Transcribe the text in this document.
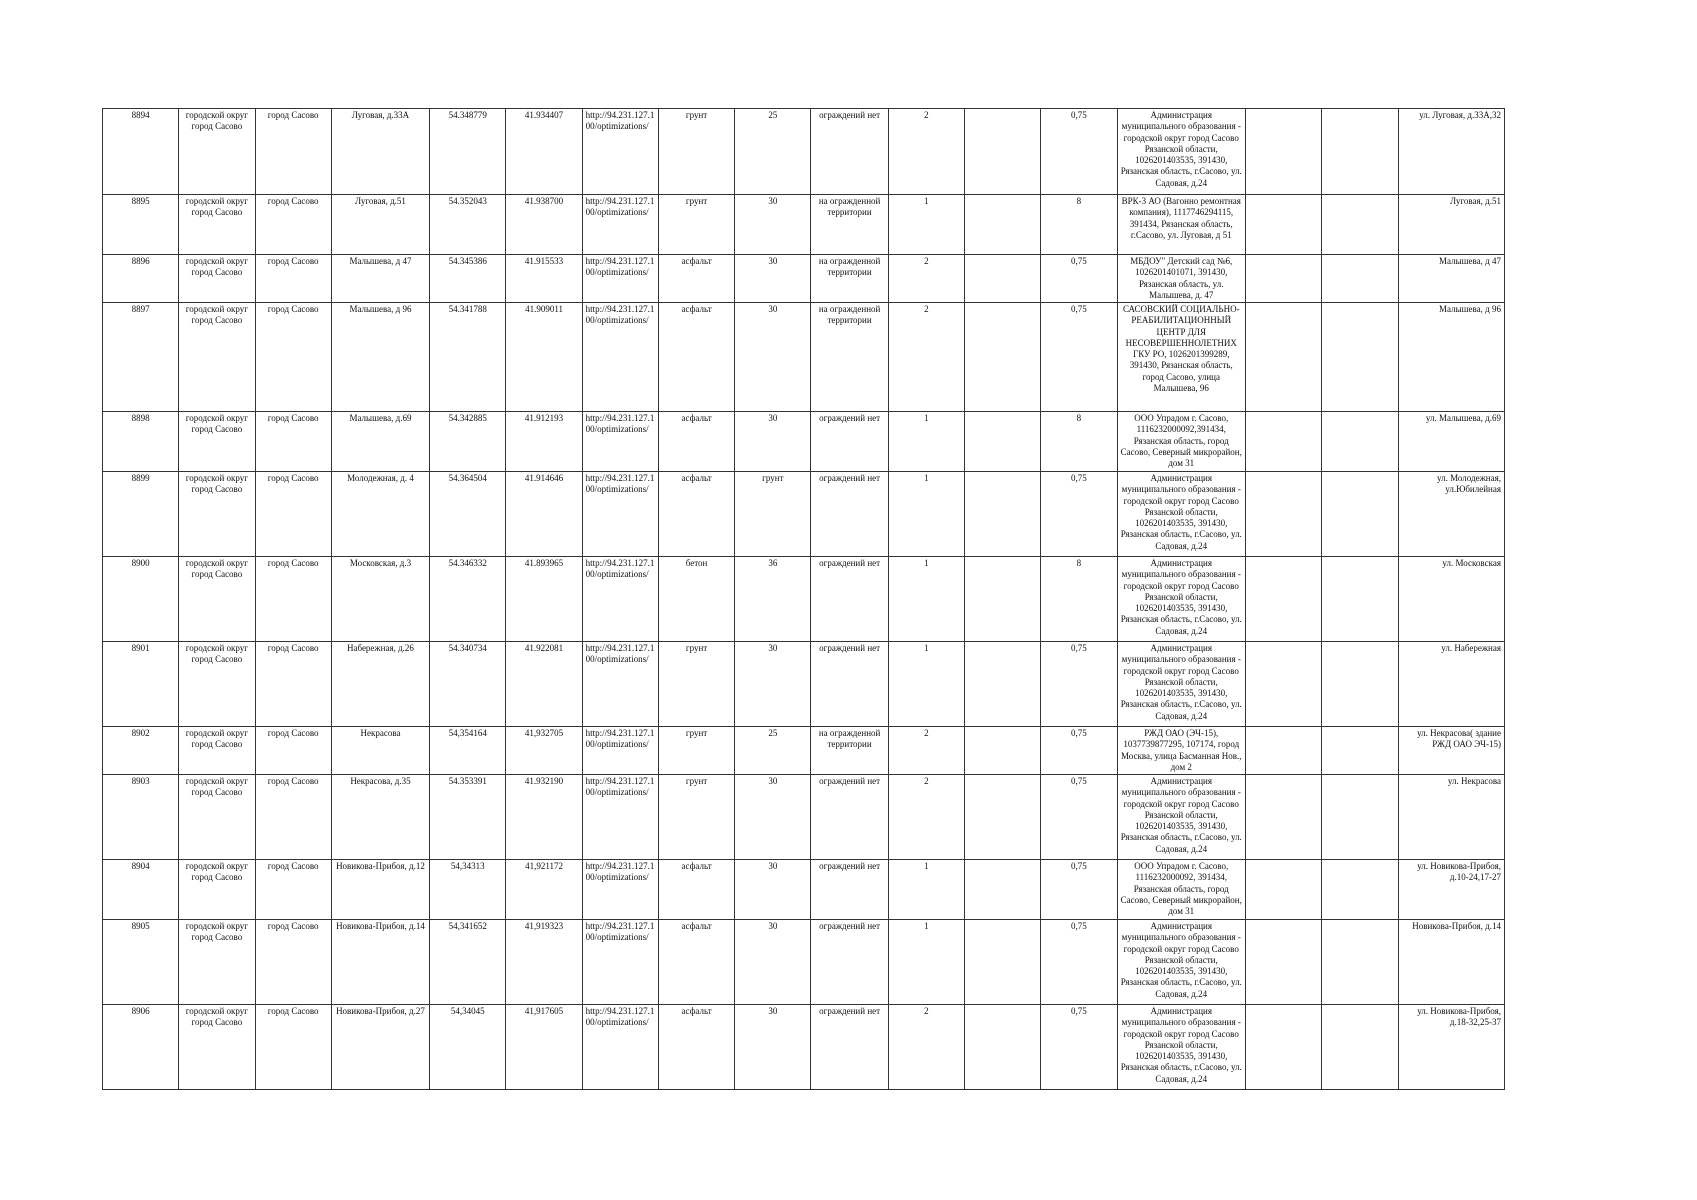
8894	городской округ город Сасово	город Сасово	Луговая, д.33А	54.348779	41.934407	http://94.231.127.100/optimizations/	грунт	25	ограждений нет	2		0,75	Администрация муниципального образования - городской округ город Сасово Рязанской области, 1026201403535, 391430, Рязанская область, г.Сасово, ул. Садовая, д.24			ул. Луговая, д.33А,32
8895	городской округ город Сасово	город Сасово	Луговая, д.51	54.352043	41.938700	http://94.231.127.100/optimizations/	грунт	30	на огражденной территории	1		8	ВРК-3 АО (Вагонно ремонтная компания), 1117746294115, 391434, Рязанская область, г.Сасово, ул. Луговая, д 51			Луговая, д.51
8896	городской округ город Сасово	город Сасово	Малышева, д 47	54.345386	41.915533	http://94.231.127.100/optimizations/	асфальт	30	на огражденной территории	2		0,75	МБДОУ" Детский сад №6, 1026201401071, 391430, Рязанская область, ул. Малышева, д. 47			Малышева, д 47
8897	городской округ город Сасово	город Сасово	Малышева, д 96	54.341788	41.909011	http://94.231.127.100/optimizations/	асфальт	30	на огражденной территории	2		0,75	САСОВСКИЙ СОЦИАЛЬНО-РЕАБИЛИТАЦИОННЫЙ ЦЕНТР ДЛЯ НЕСОВЕРШЕННОЛЕТНИХ ГКУ РО, 1026201399289, 391430, Рязанская область, город Сасово, улица Малышева, 96			Малышева, д 96
8898	городской округ город Сасово	город Сасово	Малышева, д.69	54.342885	41.912193	http://94.231.127.100/optimizations/	асфальт	30	ограждений нет	1		8	ООО Упрадом г. Сасово, 1116232000092,391434, Рязанская область, город Сасово, Северный микрорайон, дом 31			ул. Малышева, д.69
8899	городской округ город Сасово	город Сасово	Молодежная, д. 4	54.364504	41.914646	http://94.231.127.100/optimizations/	асфальт	грунт	ограждений нет	1		0,75	Администрация муниципального образования - городской округ город Сасово Рязанской области, 1026201403535, 391430, Рязанская область, г.Сасово, ул. Садовая, д.24			ул. Молодежная, ул.Юбилейная
8900	городской округ город Сасово	город Сасово	Московская, д.3	54.346332	41.893965	http://94.231.127.100/optimizations/	бетон	36	ограждений нет	1		8	Администрация муниципального образования - городской округ город Сасово Рязанской области, 1026201403535, 391430, Рязанская область, г.Сасово, ул. Садовая, д.24			ул. Московская
8901	городской округ город Сасово	город Сасово	Набережная, д.26	54.340734	41.922081	http://94.231.127.100/optimizations/	грунт	30	ограждений нет	1		0,75	Администрация муниципального образования - городской округ город Сасово Рязанской области, 1026201403535, 391430, Рязанская область, г.Сасово, ул. Садовая, д.24			ул. Набережная
8902	городской округ город Сасово	город Сасово	Некрасова	54,354164	41,932705	http://94.231.127.100/optimizations/	грунт	25	на огражденной территории	2		0,75	РЖД ОАО (ЭЧ-15), 1037739877295, 107174, город Москва, улица Басманная Нов., дом 2			ул. Некрасова( здание РЖД ОАО ЭЧ-15)
8903	городской округ город Сасово	город Сасово	Некрасова, д.35	54.353391	41.932190	http://94.231.127.100/optimizations/	грунт	30	ограждений нет	2		0,75	Администрация муниципального образования - городской округ город Сасово Рязанской области, 1026201403535, 391430, Рязанская область, г.Сасово, ул. Садовая, д.24			ул. Некрасова
8904	городской округ город Сасово	город Сасово	Новикова-Прибоя, д.12	54,34313	41,921172	http://94.231.127.100/optimizations/	асфальт	30	ограждений нет	1		0,75	ООО Упрадом г. Сасово, 1116232000092, 391434, Рязанская область, город Сасово, Северный микрорайон, дом 31			ул. Новикова-Прибоя, д.10-24,17-27
8905	городской округ город Сасово	город Сасово	Новикова-Прибоя, д.14	54,341652	41,919323	http://94.231.127.100/optimizations/	асфальт	30	ограждений нет	1		0,75	Администрация муниципального образования - городской округ город Сасово Рязанской области, 1026201403535, 391430, Рязанская область, г.Сасово, ул. Садовая, д.24			Новикова-Прибоя, д.14
8906	городской округ город Сасово	город Сасово	Новикова-Прибоя, д.27	54,34045	41,917605	http://94.231.127.100/optimizations/	асфальт	30	ограждений нет	2		0,75	Администрация муниципального образования - городской округ город Сасово Рязанской области, 1026201403535, 391430, Рязанская область, г.Сасово, ул. Садовая, д.24			ул. Новикова-Прибоя, д.18-32,25-37
